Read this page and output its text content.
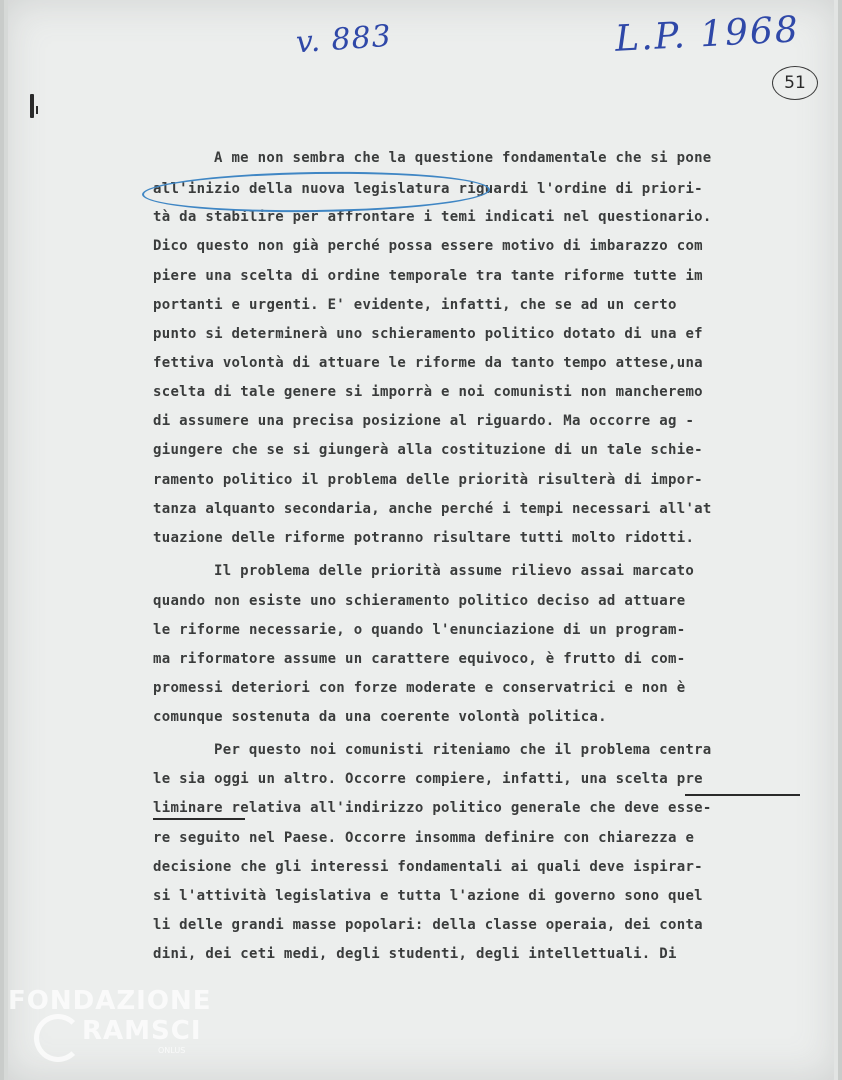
v. 883	L.P. 1968
51
A me non sembra che la questione fondamentale che si pone
all'inizio della nuova legislatura riguardi l'ordine di priori-
tà da stabilire per affrontare i temi indicati nel questionario.
Dico questo non già perché possa essere motivo di imbarazzo com
piere una scelta di ordine temporale tra tante riforme tutte im
portanti e urgenti. E' evidente, infatti, che se ad un certo
punto si determinerà uno schieramento politico dotato di una ef
fettiva volontà di attuare le riforme da tanto tempo attese,una
scelta di tale genere si imporrà e noi comunisti non mancheremo
di assumere una precisa posizione al riguardo. Ma occorre ag -
giungere che se si giungerà alla costituzione di un tale schie-
ramento politico il problema delle priorità risulterà di impor-
tanza alquanto secondaria, anche perché i tempi necessari all'at
tuazione delle riforme potranno risultare tutti molto ridotti.
Il problema delle priorità assume rilievo assai marcato
quando non esiste uno schieramento politico deciso ad attuare
le riforme necessarie, o quando l'enunciazione di un program-
ma riformatore assume un carattere equivoco, è frutto di com-
promessi deteriori con forze moderate e conservatrici e non è
comunque sostenuta da una coerente volontà politica.
Per questo noi comunisti riteniamo che il problema centra
le sia oggi un altro. Occorre compiere, infatti, una scelta pre
liminare relativa all'indirizzo politico generale che deve esse-
re seguito nel Paese. Occorre insomma definire con chiarezza e
decisione che gli interessi fondamentali ai quali deve ispirar-
si l'attività legislativa e tutta l'azione di governo sono quel
li delle grandi masse popolari: della classe operaia, dei conta
dini, dei ceti medi, degli studenti, degli intellettuali. Di
FONDAZIONE
RAMSCI
ONLUS
